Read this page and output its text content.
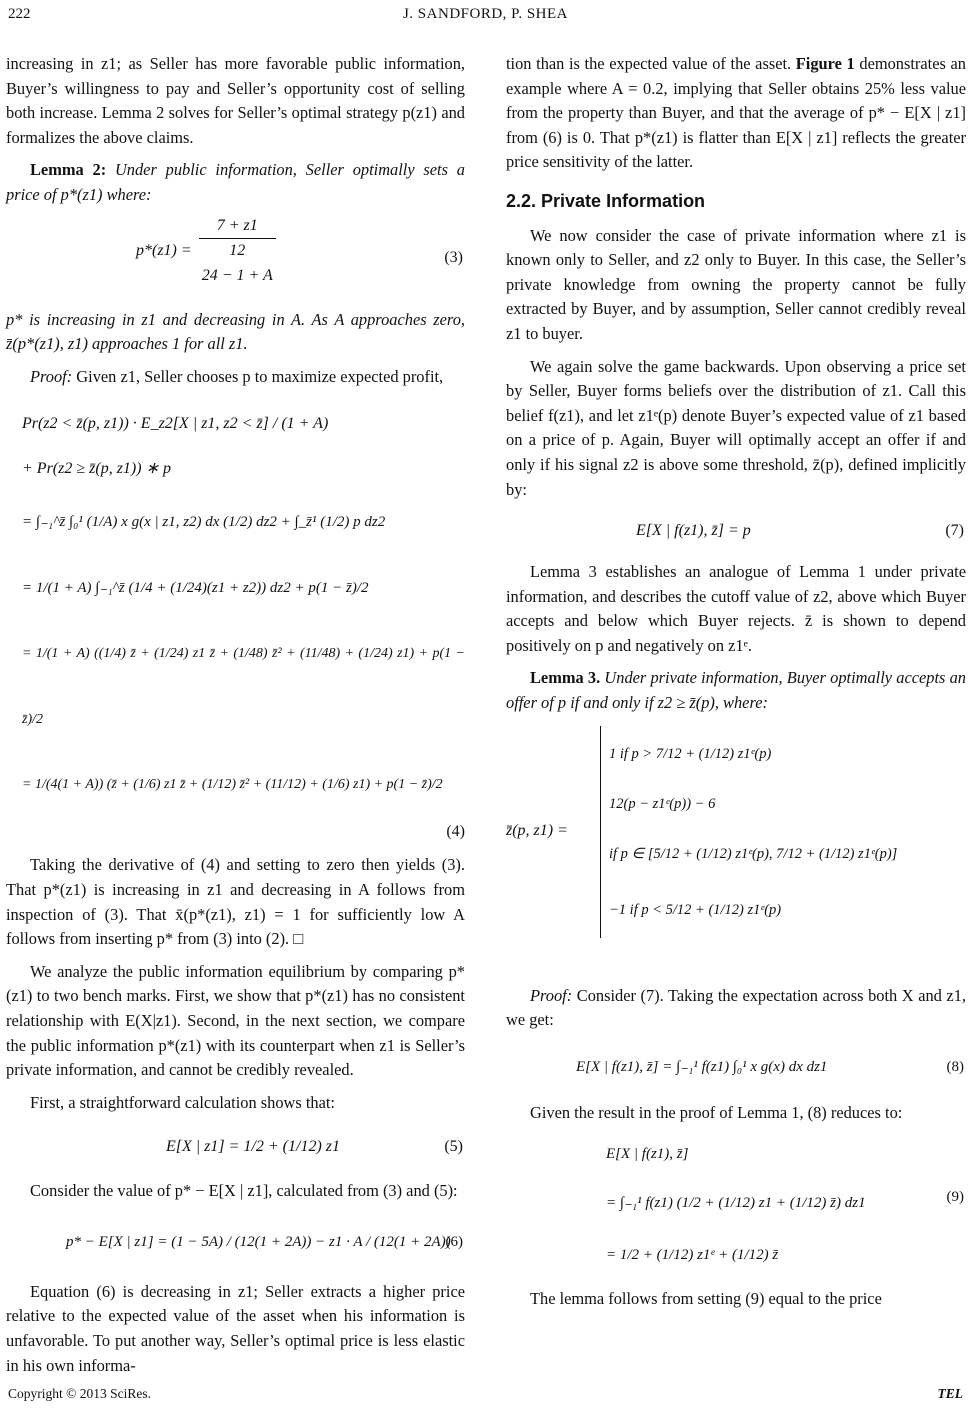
222	J. SANDFORD, P. SHEA

increasing in z1; as Seller has more favorable public information, Buyer’s willingness to pay and Seller’s opportunity cost of selling both increase. Lemma 2 solves for Seller’s optimal strategy p(z1) and formalizes the above claims.

Lemma 2: Under public information, Seller optimally sets a price of p*(z1) where:

p*(z1) = 7 + z1
12
24 − 1 + A	(3)

p* is increasing in z1 and decreasing in A. As A approaches zero, z̄(p*(z1), z1) approaches 1 for all z1.

Proof: Given z1, Seller chooses p to maximize expected profit,

Pr(z2 < z̄(p, z1)) · E_z2[X | z1, z2 < z̄] / (1 + A)
+ Pr(z2 ≥ z̄(p, z1)) ∗ p
= ∫₋₁^z̄ ∫₀¹ (1/A) x g(x | z1, z2) dx (1/2) dz2 + ∫_z̄¹ (1/2) p dz2
= 1/(1 + A) ∫₋₁^z̄ (1/4 + (1/24)(z1 + z2)) dz2 + p(1 − z̄)/2
= 1/(1 + A) ((1/4) z̄ + (1/24) z1 z̄ + (1/48) z̄² + (11/48) + (1/24) z1) + p(1 − z̄)/2
= 1/(4(1 + A)) (z̄ + (1/6) z1 z̄ + (1/12) z̄² + (11/12) + (1/6) z1) + p(1 − z̄)/2
(4)

Taking the derivative of (4) and setting to zero then yields (3). That p*(z1) is increasing in z1 and decreasing in A follows from inspection of (3). That x̄(p*(z1), z1) = 1 for sufficiently low A follows from inserting p* from (3) into (2). □

We analyze the public information equilibrium by comparing p*(z1) to two bench marks. First, we show that p*(z1) has no consistent relationship with E(X|z1). Second, in the next section, we compare the public information p*(z1) with its counterpart when z1 is Seller’s private information, and cannot be credibly revealed.

First, a straightforward calculation shows that:

E[X | z1] = 1/2 + (1/12) z1	(5)

Consider the value of p* − E[X | z1], calculated from (3) and (5):

p* − E[X | z1] = (1 − 5A) / (12(1 + 2A)) − z1 · A / (12(1 + 2A))
(6)

Equation (6) is decreasing in z1; Seller extracts a higher price relative to the expected value of the asset when his information is unfavorable. To put another way, Seller’s optimal price is less elastic in his own informa-

tion than is the expected value of the asset. Figure 1 demonstrates an example where A = 0.2, implying that Seller obtains 25% less value from the property than Buyer, and that the average of p* − E[X | z1] from (6) is 0. That p*(z1) is flatter than E[X | z1] reflects the greater price sensitivity of the latter.

2.2. Private Information

We now consider the case of private information where z1 is known only to Seller, and z2 only to Buyer. In this case, the Seller’s private knowledge from owning the property cannot be fully extracted by Buyer, and by assumption, Seller cannot credibly reveal z1 to buyer.

We again solve the game backwards. Upon observing a price set by Seller, Buyer forms beliefs over the distribution of z1. Call this belief f(z1), and let z1ᵉ(p) denote Buyer’s expected value of z1 based on a price of p. Again, Buyer will optimally accept an offer if and only if his signal z2 is above some threshold, z̄(p), defined implicitly by:

E[X | f(z1), z̄] = p	(7)

Lemma 3 establishes an analogue of Lemma 1 under private information, and describes the cutoff value of z2, above which Buyer accepts and below which Buyer rejects. z̄ is shown to depend positively on p and negatively on z1ᵉ.

Lemma 3. Under private information, Buyer optimally accepts an offer of p if and only if z2 ≥ z̄(p), where:

z̄(p, z1) =
1 if p > 7/12 + (1/12) z1ᵉ(p)
12(p − z1ᵉ(p)) − 6
if p ∈ [5/12 + (1/12) z1ᵉ(p), 7/12 + (1/12) z1ᵉ(p)]
−1 if p < 5/12 + (1/12) z1ᵉ(p)

Proof: Consider (7). Taking the expectation across both X and z1, we get:

E[X | f(z1), z̄] = ∫₋₁¹ f(z1) ∫₀¹ x g(x) dx dz1	(8)

Given the result in the proof of Lemma 1, (8) reduces to:

E[X | f(z1), z̄]
= ∫₋₁¹ f(z1) (1/2 + (1/12) z1 + (1/12) z̄) dz1
= 1/2 + (1/12) z1ᵉ + (1/12) z̄
(9)

The lemma follows from setting (9) equal to the price

Copyright © 2013 SciRes.	TEL
